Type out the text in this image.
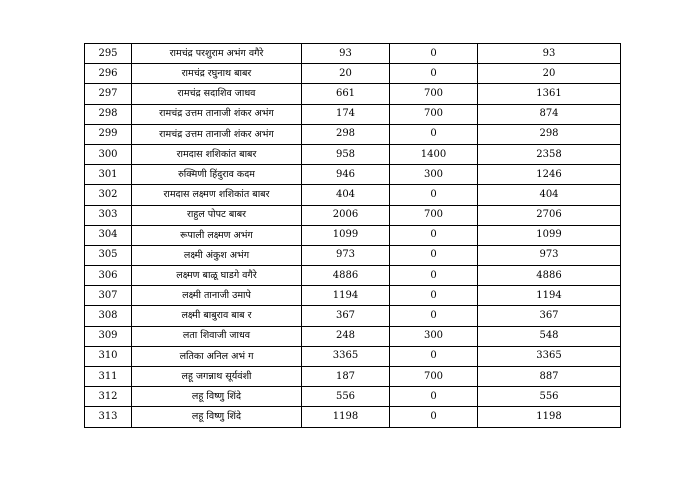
295	रामचंद्र परशुराम अभंग वगैरे	93	0	93
296	रामचंद्र रघुनाथ बाबर	20	0	20
297	रामचंद्र सदाशिव जाधव	661	700	1361
298	रामचंद्र उत्तम तानाजी शंकर अभंग	174	700	874
299	रामचंद्र उत्तम तानाजी शंकर अभंग	298	0	298
300	रामदास शशिकांत बाबर	958	1400	2358
301	रुक्मिणी हिंदुराव कदम	946	300	1246
302	रामदास लक्ष्मण शशिकांत बाबर	404	0	404
303	राहुल पोपट बाबर	2006	700	2706
304	रूपाली लक्ष्मण अभंग	1099	0	1099
305	लक्ष्मी अंकुश अभंग	973	0	973
306	लक्ष्मण बाळू घाडगे वगैरे	4886	0	4886
307	लक्ष्मी तानाजी उमापे	1194	0	1194
308	लक्ष्मी बाबुराव बाब र	367	0	367
309	लता शिवाजी जाधव	248	300	548
310	लतिका अनिल अभं ग	3365	0	3365
311	लहू जगन्नाथ सूर्यवंशी	187	700	887
312	लहू विष्णु शिंदे	556	0	556
313	लहू विष्णु शिंदे	1198	0	1198
